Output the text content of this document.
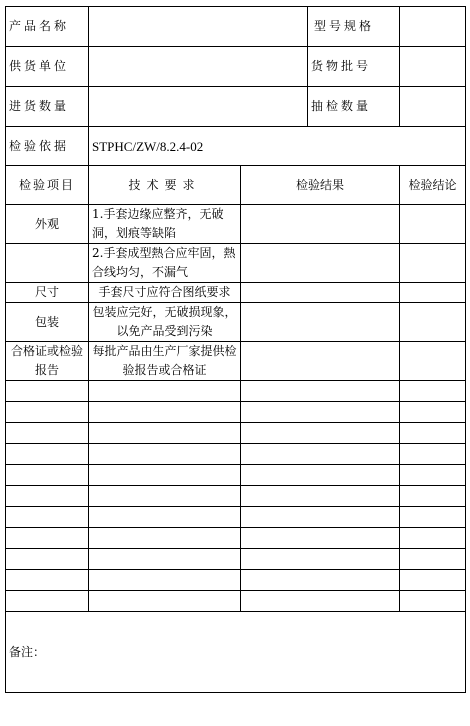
产品名称			型号规格	
供货单位			货物批号	
进货数量			抽检数量	
检验依据	STPHC/ZW/8.2.4-02			
检验项目	技术要求	检验结果		检验结论
外观	1.手套边缘应整齐，无破洞，划痕等缺陷			
	2.手套成型熱合应牢固，熱合线均匀，不漏气			
尺寸	手套尺寸应符合图纸要求			
包装	包装应完好，无破损现象，以免产品受到污染			
合格证或检验报告	每批产品由生产厂家提供检验报告或合格证			

备注：				
